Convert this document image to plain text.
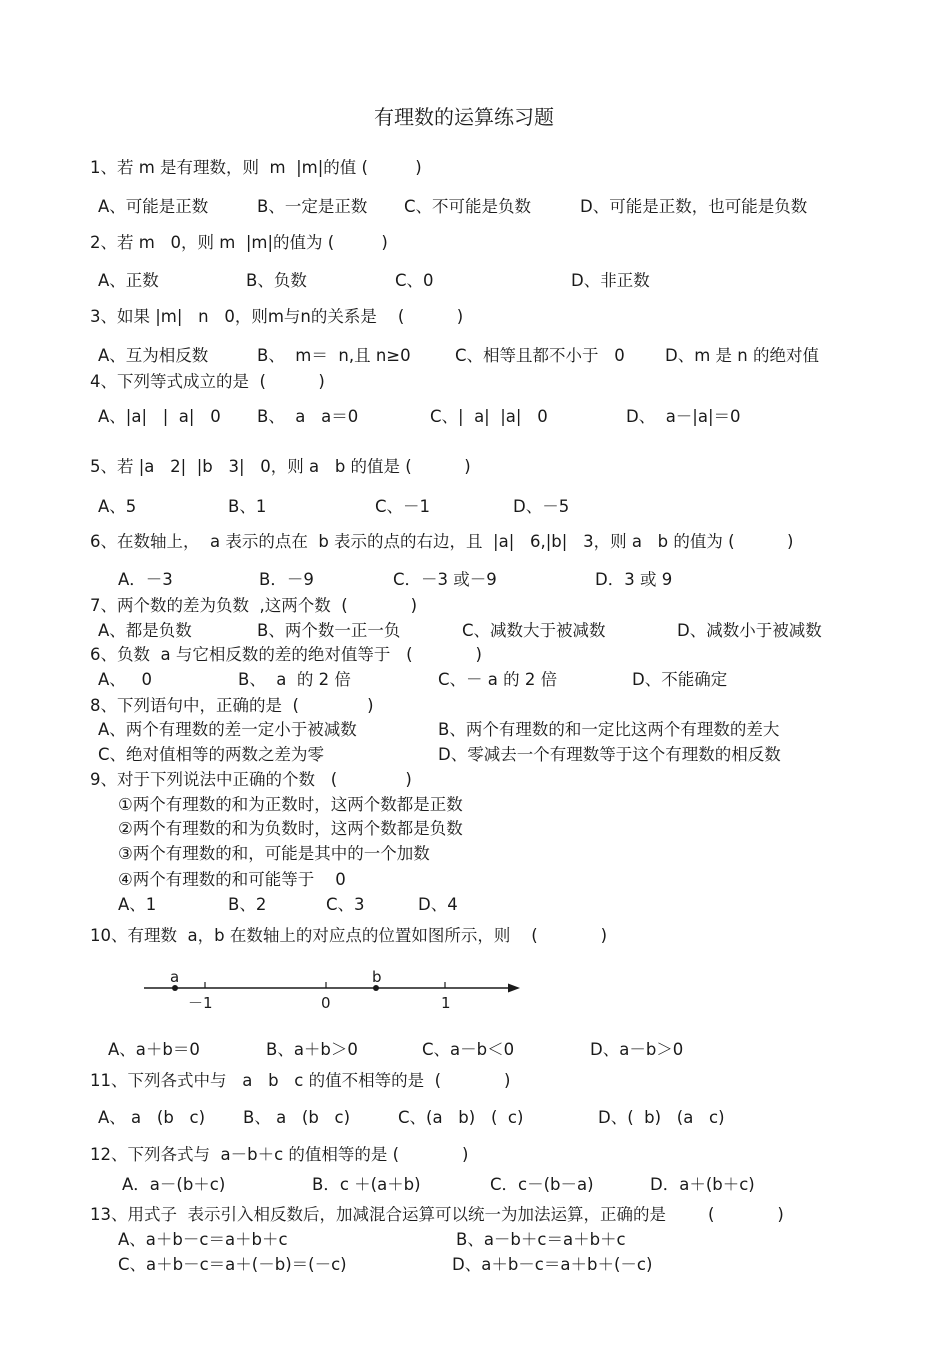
有理数的运算练习题
1、若 m 是有理数，则  m  |m|的值 (         )
A、可能是正数	B、一定是正数 C、不可能是负数	D、可能是正数，也可能是负数
2、若 m   0，则 m  |m|的值为 (         )
A、正数	B、负数	C、0	D、非正数
3、如果 |m|   n   0，则m与n的关系是    (          )
A、互为相反数	B、  m＝  n,且 n≥0	C、相等且都不小于   0 D、m 是 n 的绝对值
4、下列等式成立的是  (          )
A、|a|   |  a|   0 B、  a   a＝0	C、|  a|  |a|   0	D、  a－|a|＝0
5、若 |a   2|  |b   3|   0，则 a   b 的值是 (          )
A、5	B、1	C、－1	D、－5
6、在数轴上，  a 表示的点在  b 表示的点的右边，且  |a|   6,|b|   3，则 a   b 的值为 (          )
A．－3	B．－9	C．－3 或－9	D．3 或 9
7、两个数的差为负数  ,这两个数  (            )
A、都是负数	B、两个数一正一负	C、减数大于被减数	D、减数小于被减数
6、负数  a 与它相反数的差的绝对值等于   (            )
A、   0	B、  a  的 2 倍	C、－ a 的 2 倍	D、不能确定
8、下列语句中，正确的是  (             )
A、两个有理数的差一定小于被减数	B、两个有理数的和一定比这两个有理数的差大
C、绝对值相等的两数之差为零	D、零减去一个有理数等于这个有理数的相反数
9、对于下列说法中正确的个数   (             )
①两个有理数的和为正数时，这两个数都是正数
②两个有理数的和为负数时，这两个数都是负数
③两个有理数的和，可能是其中的一个加数
④两个有理数的和可能等于    0
A、1	B、2	C、3	D、4
10、有理数  a，b 在数轴上的对应点的位置如图所示，则    (            )
a	b
－1	0	1
A、a＋b＝0	B、a＋b＞0	C、a－b＜0	D、a－b＞0
11、下列各式中与   a   b   c 的值不相等的是  (            )
A、 a   (b   c) B、 a   (b   c)	C、(a   b)   (  c)	D、(  b)   (a   c)
12、下列各式与  a－b＋c 的值相等的是 (            )
A．a－(b＋c)	B．c ＋(a＋b)	C．c－(b－a)	D．a＋(b＋c)
13、用式子  表示引入相反数后，加减混合运算可以统一为加法运算，正确的是        (            )
A、a＋b－c＝a＋b＋c	B、a－b＋c＝a＋b＋c
C、a＋b－c＝a＋(－b)＝(－c)	D、a＋b－c＝a＋b＋(－c)
